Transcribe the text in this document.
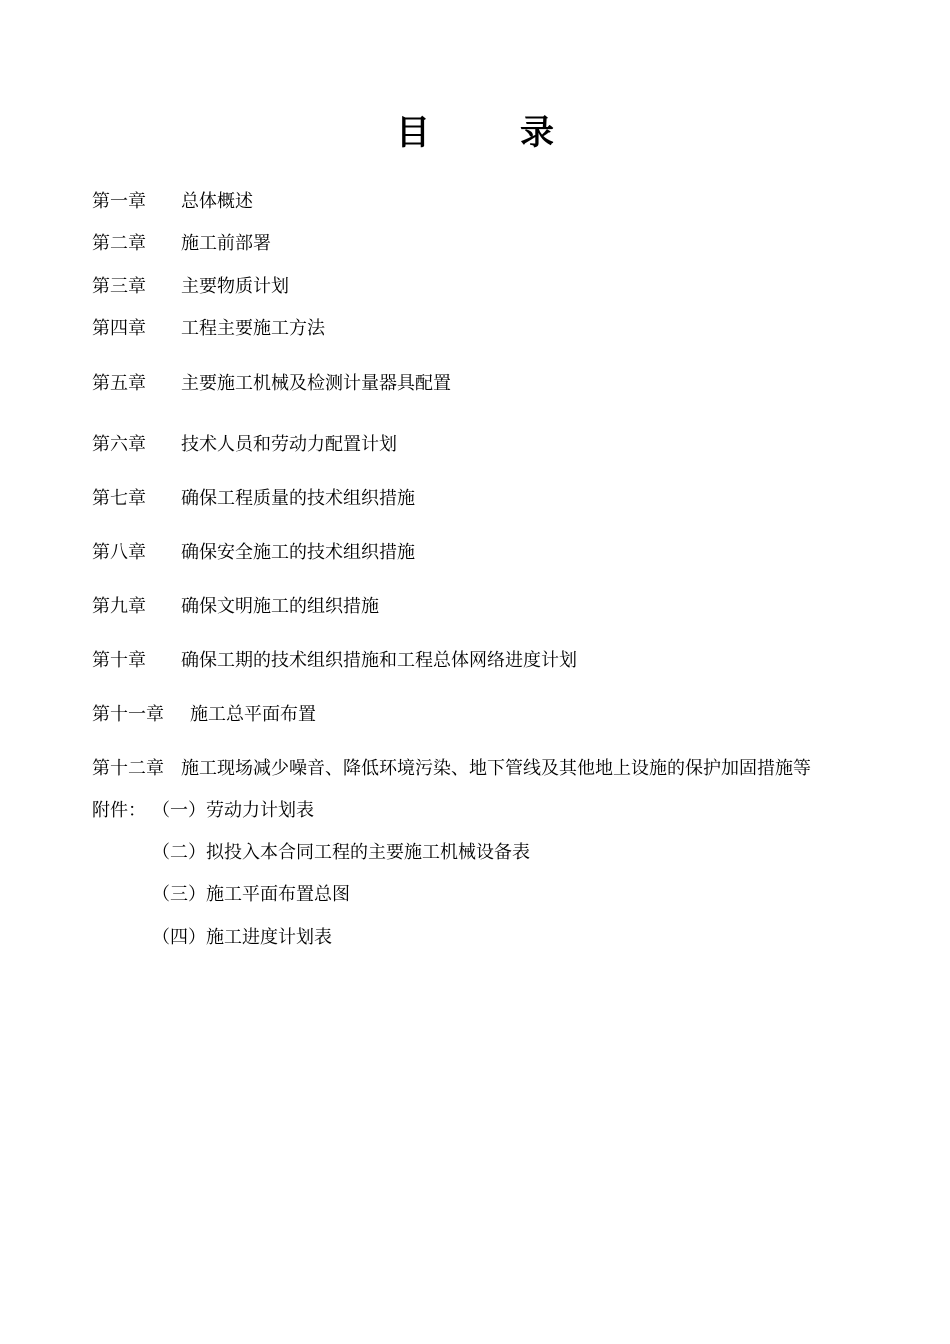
目	录
第一章 总体概述
第二章 施工前部署
第三章 主要物质计划
第四章 工程主要施工方法
第五章 主要施工机械及检测计量器具配置
第六章 技术人员和劳动力配置计划
第七章 确保工程质量的技术组织措施
第八章 确保安全施工的技术组织措施
第九章 确保文明施工的组织措施
第十章 确保工期的技术组织措施和工程总体网络进度计划
第十一章 施工总平面布置
第十二章 施工现场减少噪音、降低环境污染、地下管线及其他地上设施的保护加固措施等
附件： （一）劳动力计划表
（二）拟投入本合同工程的主要施工机械设备表
（三）施工平面布置总图
（四）施工进度计划表
